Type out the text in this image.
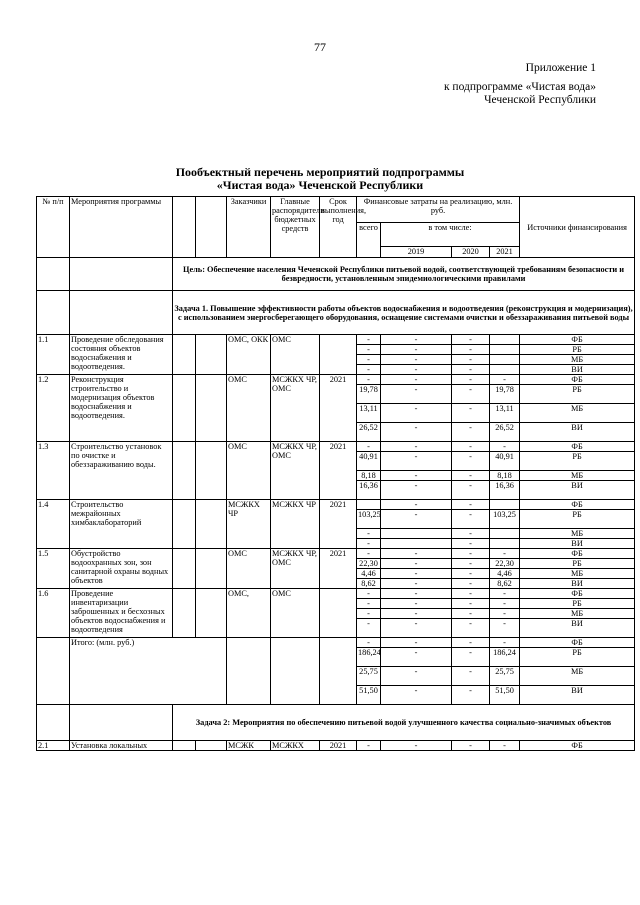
77
Приложение 1
к подпрограмме «Чистая вода»
Чеченской Республики
Пообъектный перечень мероприятий подпрограммы
«Чистая вода» Чеченской Республики
№ п/п	Мероприятия программы			Заказчики	Главные распорядители бюджетных средств	Срок выполнения, год	Финансовые затраты на реализацию, млн. руб.				Источники финансирования
							всего	в том числе:			
								2019	2020	2021	
		Цель: Обеспечение населения Чеченской Республики питьевой водой, соответствующей требованиям безопасности и безвредности, установленным эпидемиологическими правилами									
		Задача 1. Повышение эффективности работы объектов водоснабжения и водоотведения (реконструкция и модернизация), с использованием энергосберегающего оборудования, оснащение системами очистки и обеззараживания питьевой воды									
1.1	Проведение обследования состояния объектов водоснабжения и водоотведения.			ОМС, ОКК	ОМС		-	-	-		ФБ
							-	-	-		РБ
							-	-	-		МБ
							-	-	-		ВИ
1.2	Реконструкция строительство и модернизация объектов водоснабжения и водоотведения.			ОМС	МСЖКХ ЧР, ОМС	2021	-	-	-	-	ФБ
							19,78	-	-	19,78	РБ
							13,11	-	-	13,11	МБ
							26,52	-	-	26,52	ВИ
1.3	Строительство установок по очистке и обеззараживанию воды.			ОМС	МСЖКХ ЧР, ОМС	2021	-	-	-	-	ФБ
							40,91	-	-	40,91	РБ
							8,18	-	-	8,18	МБ
							16,36	-	-	16,36	ВИ
1.4	Строительство межрайонных химбаклабораторий			МСЖКХ ЧР	МСЖКХ ЧР	2021		-	-		ФБ
							103,25	-	-	103,25	РБ
							-		-		МБ
							-		-		ВИ
1.5	Обустройство водоохранных зон, зон санитарной охраны водных объектов			ОМС	МСЖКХ ЧР, ОМС	2021	-	-	-	-	ФБ
							22,30	-	-	22,30	РБ
							4,46	-	-	4,46	МБ
							8,62	-	-	8,62	ВИ
1.6	Проведение инвентаризации заброшенных и бесхозных объектов водоснабжения и водоотведения			ОМС,	ОМС		-	-	-	-	ФБ
							-	-	-	-	РБ
							-	-	-	-	МБ
							-	-	-	-	ВИ
	Итого: (млн. руб.)						-	-	-	-	ФБ
							186,24	-	-	186,24	РБ
							25,75	-	-	25,75	МБ
							51,50	-	-	51,50	ВИ
		Задача 2: Мероприятия по обеспечению питьевой водой улучшенного качества социально-значимых объектов									
2.1	Установка локальных			МСЖК	МСЖКХ	2021	-	-	-	-	ФБ
